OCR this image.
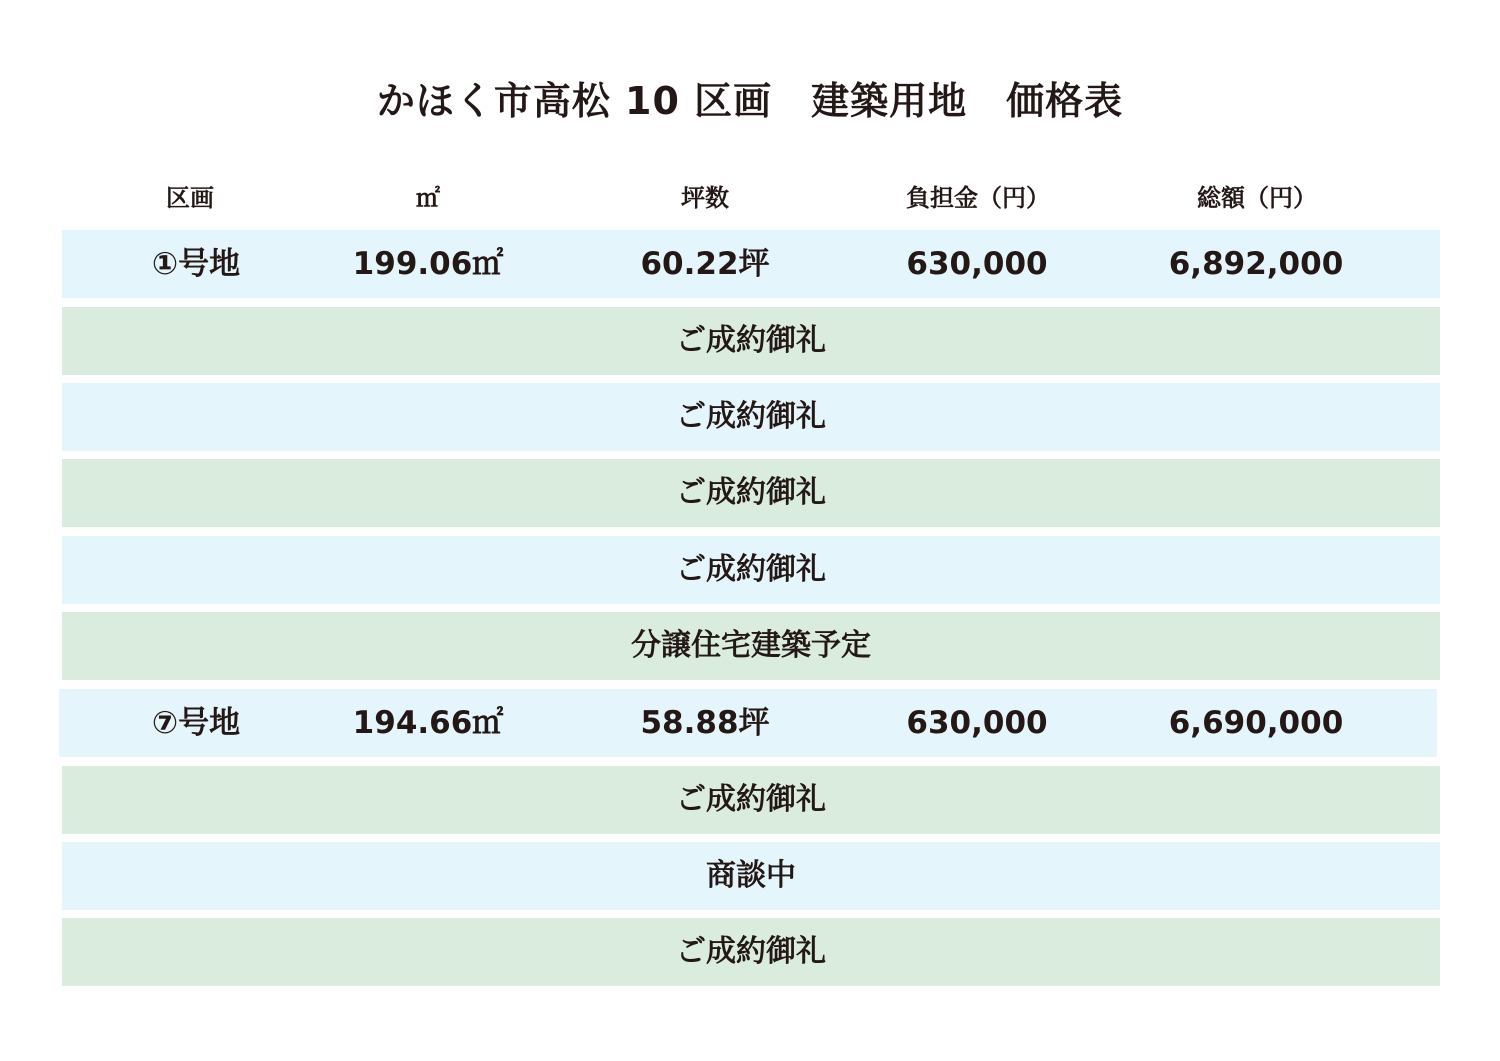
かほく市高松 10 区画　建築用地　価格表
区画	㎡	坪数	負担金（円）	総額（円）
①号地	199.06㎡	60.22坪	630,000	6,892,000
ご成約御礼
ご成約御礼
ご成約御礼
ご成約御礼
分譲住宅建築予定
⑦号地	194.66㎡	58.88坪	630,000	6,690,000
ご成約御礼
商談中
ご成約御礼
